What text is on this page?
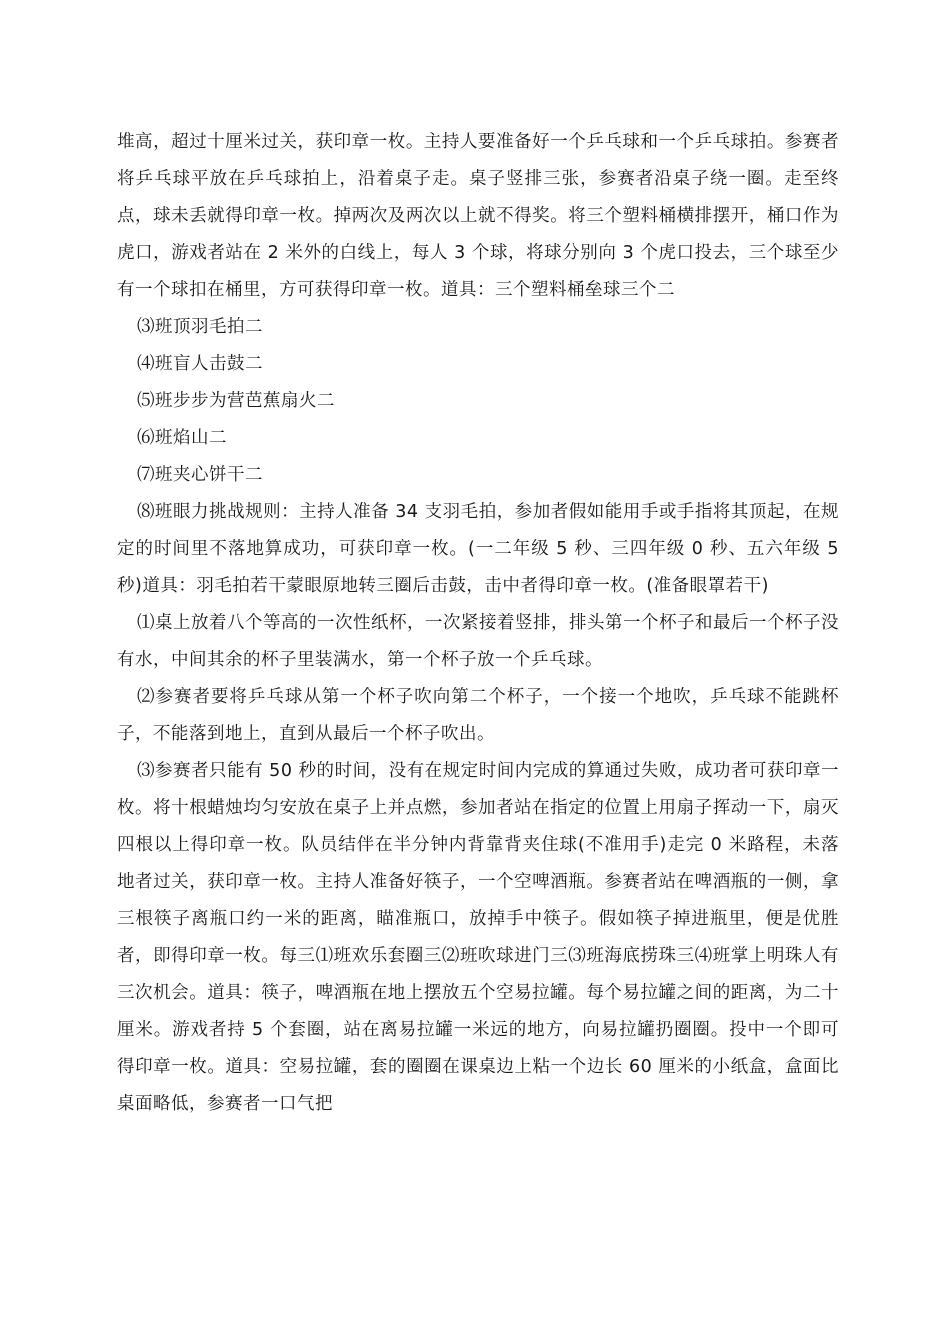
堆高，超过十厘米过关，获印章一枚。主持人要准备好一个乒乓球和一个乒乓球拍。参赛者将乒乓球平放在乒乓球拍上，沿着桌子走。桌子竖排三张，参赛者沿桌子绕一圈。走至终点，球未丢就得印章一枚。掉两次及两次以上就不得奖。将三个塑料桶横排摆开，桶口作为虎口，游戏者站在 2 米外的白线上，每人 3 个球，将球分别向 3 个虎口投去，三个球至少有一个球扣在桶里，方可获得印章一枚。道具：三个塑料桶垒球三个二

⑶班顶羽毛拍二

⑷班盲人击鼓二

⑸班步步为营芭蕉扇火二

⑹班焰山二

⑺班夹心饼干二

⑻班眼力挑战规则：主持人准备 34 支羽毛拍，参加者假如能用手或手指将其顶起，在规定的时间里不落地算成功，可获印章一枚。(一二年级 5 秒、三四年级 0 秒、五六年级 5 秒)道具：羽毛拍若干蒙眼原地转三圈后击鼓，击中者得印章一枚。(准备眼罩若干)

⑴桌上放着八个等高的一次性纸杯，一次紧接着竖排，排头第一个杯子和最后一个杯子没有水，中间其余的杯子里装满水，第一个杯子放一个乒乓球。

⑵参赛者要将乒乓球从第一个杯子吹向第二个杯子，一个接一个地吹，乒乓球不能跳杯子，不能落到地上，直到从最后一个杯子吹出。

⑶参赛者只能有 50 秒的时间，没有在规定时间内完成的算通过失败，成功者可获印章一枚。将十根蜡烛均匀安放在桌子上并点燃，参加者站在指定的位置上用扇子挥动一下，扇灭四根以上得印章一枚。队员结伴在半分钟内背靠背夹住球(不准用手)走完 0 米路程，未落地者过关，获印章一枚。主持人准备好筷子，一个空啤酒瓶。参赛者站在啤酒瓶的一侧，拿三根筷子离瓶口约一米的距离，瞄准瓶口，放掉手中筷子。假如筷子掉进瓶里，便是优胜者，即得印章一枚。每三⑴班欢乐套圈三⑵班吹球进门三⑶班海底捞珠三⑷班掌上明珠人有三次机会。道具：筷子，啤酒瓶在地上摆放五个空易拉罐。每个易拉罐之间的距离，为二十厘米。游戏者持 5 个套圈，站在离易拉罐一米远的地方，向易拉罐扔圈圈。投中一个即可得印章一枚。道具：空易拉罐，套的圈圈在课桌边上粘一个边长 60 厘米的小纸盒，盒面比桌面略低，参赛者一口气把
